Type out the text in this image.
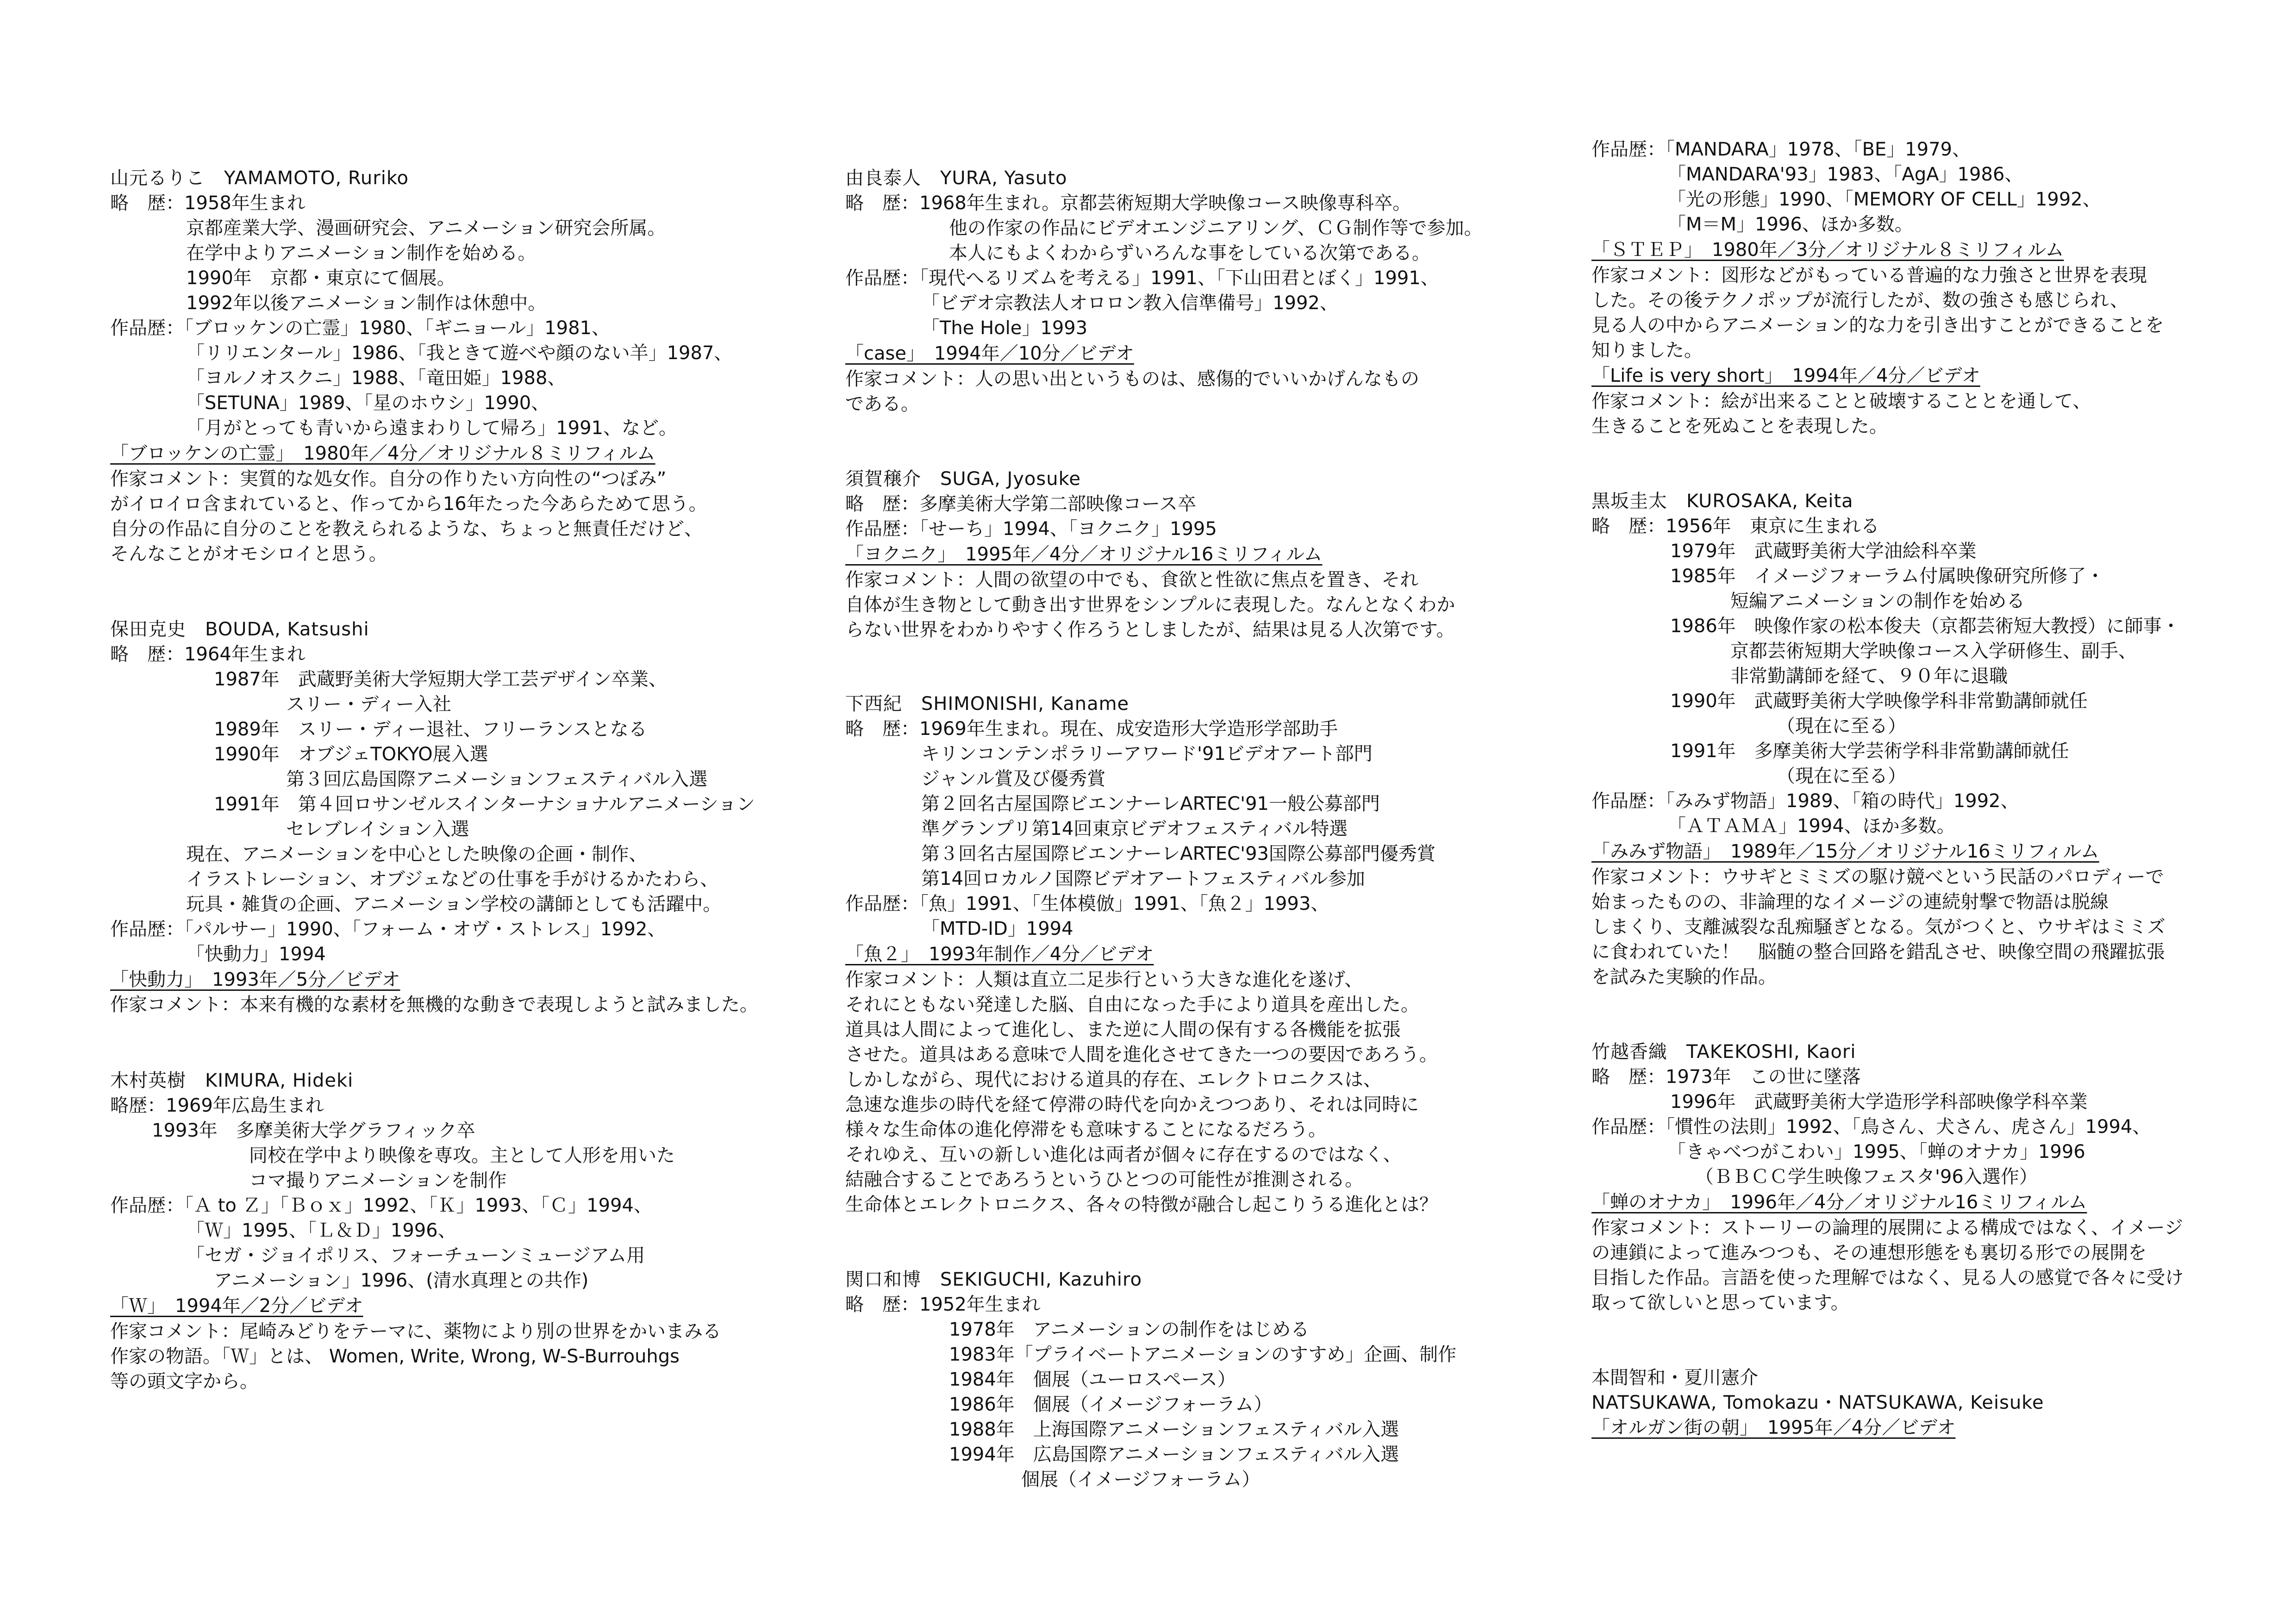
山元るりこ　YAMAMOTO, Ruriko
略　歴：1958年生まれ
京都産業大学、漫画研究会、アニメーション研究会所属。
在学中よりアニメーション制作を始める。
1990年　京都・東京にて個展。
1992年以後アニメーション制作は休憩中。
作品歴：「ブロッケンの亡霊」1980、「ギニョール」1981、
「リリエンタール」1986、「我ときて遊べや顔のない羊」1987、
「ヨルノオスクニ」1988、「竜田姫」1988、
「SETUNA」1989、「星のホウシ」1990、
「月がとっても青いから遠まわりして帰ろ」1991、など。
「ブロッケンの亡霊」　1980年／4分／オリジナル８ミリフィルム
作家コメント：実質的な処女作。自分の作りたい方向性の“つぼみ”
がイロイロ含まれていると、作ってから16年たった今あらためて思う。
自分の作品に自分のことを教えられるような、ちょっと無責任だけど、
そんなことがオモシロイと思う。
保田克史　BOUDA, Katsushi
略　歴：1964年生まれ
1987年　武蔵野美術大学短期大学工芸デザイン卒業、
スリー・ディー入社
1989年　スリー・ディー退社、フリーランスとなる
1990年　オブジェTOKYO展入選
第３回広島国際アニメーションフェスティバル入選
1991年　第４回ロサンゼルスインターナショナルアニメーション
セレブレイション入選
現在、アニメーションを中心とした映像の企画・制作、
イラストレーション、オブジェなどの仕事を手がけるかたわら、
玩具・雑貨の企画、アニメーション学校の講師としても活躍中。
作品歴：「パルサー」1990、「フォーム・オヴ・ストレス」1992、
「快動力」1994
「快動力」　1993年／5分／ビデオ
作家コメント：本来有機的な素材を無機的な動きで表現しようと試みました。
木村英樹　KIMURA, Hideki
略歴：1969年広島生まれ
1993年　多摩美術大学グラフィック卒
同校在学中より映像を専攻。主として人形を用いた
コマ撮りアニメーションを制作
作品歴：「Ａ to Ｚ」「Ｂｏｘ」1992、「Ｋ」1993、「Ｃ」1994、
「Ｗ」1995、「Ｌ＆Ｄ」1996、
「セガ・ジョイポリス、フォーチューンミュージアム用
アニメーション」1996、(清水真理との共作)
「Ｗ」　1994年／2分／ビデオ
作家コメント：尾崎みどりをテーマに、薬物により別の世界をかいまみる
作家の物語。「Ｗ」とは、 Women, Write, Wrong, W-S-Burrouhgs
等の頭文字から。
由良泰人　YURA, Yasuto
略　歴：1968年生まれ。京都芸術短期大学映像コース映像専科卒。
他の作家の作品にビデオエンジニアリング、ＣＧ制作等で参加。
本人にもよくわからずいろんな事をしている次第である。
作品歴：「現代へるリズムを考える」1991、「下山田君とぼく」1991、
「ビデオ宗教法人オロロン教入信準備号」1992、
「The Hole」1993
「case」　1994年／10分／ビデオ
作家コメント：人の思い出というものは、感傷的でいいかげんなもの
である。
須賀穣介　SUGA, Jyosuke
略　歴：多摩美術大学第二部映像コース卒
作品歴：「せーち」1994、「ヨクニク」1995
「ヨクニク」　1995年／4分／オリジナル16ミリフィルム
作家コメント：人間の欲望の中でも、食欲と性欲に焦点を置き、それ
自体が生き物として動き出す世界をシンプルに表現した。なんとなくわか
らない世界をわかりやすく作ろうとしましたが、結果は見る人次第です。
下西紀　SHIMONISHI, Kaname
略　歴：1969年生まれ。現在、成安造形大学造形学部助手
キリンコンテンポラリーアワード'91ビデオアート部門
ジャンル賞及び優秀賞
第２回名古屋国際ビエンナーレARTEC'91一般公募部門
準グランプリ第14回東京ビデオフェスティバル特選
第３回名古屋国際ビエンナーレARTEC'93国際公募部門優秀賞
第14回ロカルノ国際ビデオアートフェスティバル参加
作品歴：「魚」1991、「生体模倣」1991、「魚２」1993、
「MTD-ID」1994
「魚２」　1993年制作／4分／ビデオ
作家コメント：人類は直立二足歩行という大きな進化を遂げ、
それにともない発達した脳、自由になった手により道具を産出した。
道具は人間によって進化し、また逆に人間の保有する各機能を拡張
させた。道具はある意味で人間を進化させてきた一つの要因であろう。
しかしながら、現代における道具的存在、エレクトロニクスは、
急速な進歩の時代を経て停滞の時代を向かえつつあり、それは同時に
様々な生命体の進化停滞をも意味することになるだろう。
それゆえ、互いの新しい進化は両者が個々に存在するのではなく、
結融合することであろうというひとつの可能性が推測される。
生命体とエレクトロニクス、各々の特徴が融合し起こりうる進化とは？
関口和博　SEKIGUCHI, Kazuhiro
略　歴：1952年生まれ
1978年　アニメーションの制作をはじめる
1983年「プライベートアニメーションのすすめ」企画、制作
1984年　個展（ユーロスペース）
1986年　個展（イメージフォーラム）
1988年　上海国際アニメーションフェスティバル入選
1994年　広島国際アニメーションフェスティバル入選
個展（イメージフォーラム）
作品歴：「MANDARA」1978、「BE」1979、
「MANDARA'93」1983、「AgA」1986、
「光の形態」1990、「MEMORY OF CELL」1992、
「M＝M」1996、ほか多数。
「ＳＴＥＰ」　1980年／3分／オリジナル８ミリフィルム
作家コメント：図形などがもっている普遍的な力強さと世界を表現
した。その後テクノポップが流行したが、数の強さも感じられ、
見る人の中からアニメーション的な力を引き出すことができることを
知りました。
「Life is very short」　1994年／4分／ビデオ
作家コメント：絵が出来ることと破壊することとを通して、
生きることを死ぬことを表現した。
黒坂圭太　KUROSAKA, Keita
略　歴：1956年　東京に生まれる
1979年　武蔵野美術大学油絵科卒業
1985年　イメージフォーラム付属映像研究所修了・
短編アニメーションの制作を始める
1986年　映像作家の松本俊夫（京都芸術短大教授）に師事・
京都芸術短期大学映像コース入学研修生、副手、
非常勤講師を経て、９０年に退職
1990年　武蔵野美術大学映像学科非常勤講師就任
（現在に至る）
1991年　多摩美術大学芸術学科非常勤講師就任
（現在に至る）
作品歴：「みみず物語」1989、「箱の時代」1992、
「ＡＴＡＭＡ」1994、ほか多数。
「みみず物語」　1989年／15分／オリジナル16ミリフィルム
作家コメント：ウサギとミミズの駆け競べという民話のパロディーで
始まったものの、非論理的なイメージの連続射撃で物語は脱線
しまくり、支離滅裂な乱痴騒ぎとなる。気がつくと、ウサギはミミズ
に食われていた！　脳髄の整合回路を錯乱させ、映像空間の飛躍拡張
を試みた実験的作品。
竹越香織　TAKEKOSHI, Kaori
略　歴：1973年　この世に墜落
1996年　武蔵野美術大学造形学科部映像学科卒業
作品歴：「慣性の法則」1992、「鳥さん、犬さん、虎さん」1994、
「きゃべつがこわい」1995、「蝉のオナカ」1996
（ＢＢＣＣ学生映像フェスタ'96入選作）
「蝉のオナカ」　1996年／4分／オリジナル16ミリフィルム
作家コメント：ストーリーの論理的展開による構成ではなく、イメージ
の連鎖によって進みつつも、その連想形態をも裏切る形での展開を
目指した作品。言語を使った理解ではなく、見る人の感覚で各々に受け
取って欲しいと思っています。
本間智和・夏川憲介
NATSUKAWA, Tomokazu・NATSUKAWA, Keisuke
「オルガン街の朝」　1995年／4分／ビデオ
